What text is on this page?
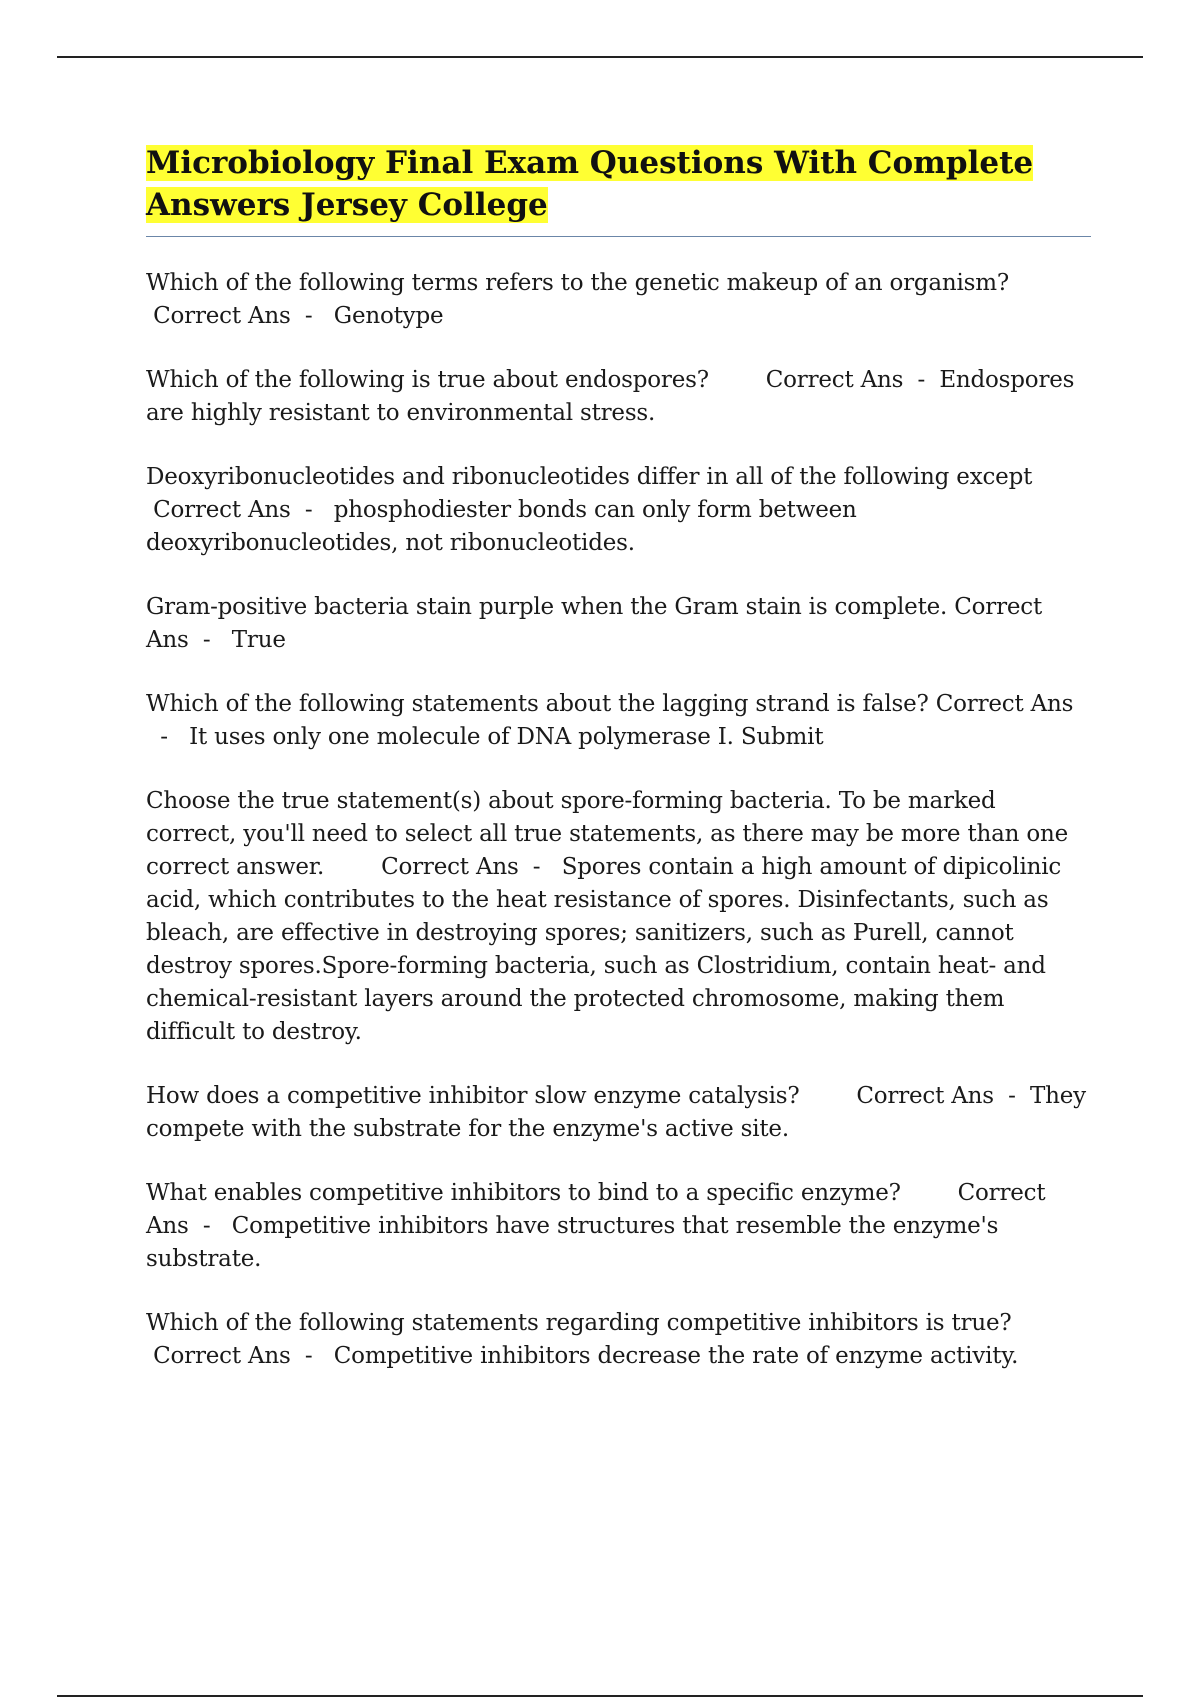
Microbiology Final Exam Questions With Complete Answers Jersey College

Which of the following terms refers to the genetic makeup of an organism? Correct Ans  -   Genotype

Which of the following is true about endospores? Correct Ans  -  Endospores are highly resistant to environmental stress.

Deoxyribonucleotides and ribonucleotides differ in all of the following except Correct Ans  -   phosphodiester bonds can only form between deoxyribonucleotides, not ribonucleotides.

Gram-positive bacteria stain purple when the Gram stain is complete. Correct Ans  -   True

Which of the following statements about the lagging strand is false? Correct Ans  -   It uses only one molecule of DNA polymerase I. Submit

Choose the true statement(s) about spore-forming bacteria. To be marked correct, you'll need to select all true statements, as there may be more than one correct answer. Correct Ans  -   Spores contain a high amount of dipicolinic acid, which contributes to the heat resistance of spores. Disinfectants, such as bleach, are effective in destroying spores; sanitizers, such as Purell, cannot destroy spores.Spore-forming bacteria, such as Clostridium, contain heat- and chemical-resistant layers around the protected chromosome, making them difficult to destroy.

How does a competitive inhibitor slow enzyme catalysis? Correct Ans  -  They compete with the substrate for the enzyme's active site.

What enables competitive inhibitors to bind to a specific enzyme? Correct Ans  -   Competitive inhibitors have structures that resemble the enzyme's substrate.

Which of the following statements regarding competitive inhibitors is true? Correct Ans  -   Competitive inhibitors decrease the rate of enzyme activity.
